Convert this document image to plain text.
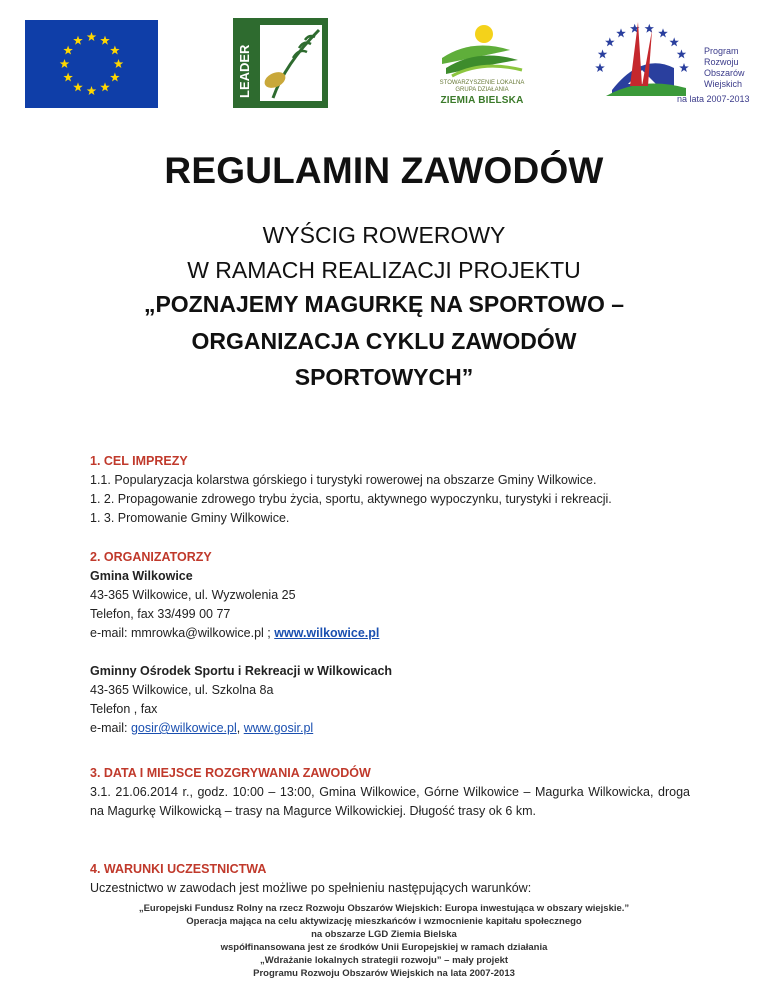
LEADER	STOWARZYSZENIE LOKALNA GRUPA DZIAŁANIA
ZIEMIA BIELSKA
Program
Rozwoju
Obszarów
Wiejskich
na lata 2007-2013
REGULAMIN ZAWODÓW
WYŚCIG ROWEROWY
W RAMACH REALIZACJI PROJEKTU
„POZNAJEMY MAGURKĘ NA SPORTOWO –
ORGANIZACJA CYKLU ZAWODÓW
SPORTOWYCH”
1. CEL IMPREZY
1.1. Popularyzacja kolarstwa górskiego i turystyki rowerowej na obszarze Gminy Wilkowice.
1. 2. Propagowanie zdrowego trybu życia, sportu, aktywnego wypoczynku, turystyki i rekreacji.
1. 3. Promowanie Gminy Wilkowice.
2. ORGANIZATORZY
Gmina Wilkowice
43-365 Wilkowice, ul. Wyzwolenia 25
Telefon, fax 33/499 00 77
e-mail: mmrowka@wilkowice.pl ; www.wilkowice.pl
Gminny Ośrodek Sportu i Rekreacji w Wilkowicach
43-365 Wilkowice, ul. Szkolna 8a
Telefon , fax
e-mail: gosir@wilkowice.pl, www.gosir.pl
3. DATA I MIEJSCE ROZGRYWANIA ZAWODÓW
3.1. 21.06.2014 r., godz. 10:00 – 13:00, Gmina Wilkowice, Górne Wilkowice – Magurka Wilkowicka, droga na Magurkę Wilkowicką – trasy na Magurce Wilkowickiej. Długość trasy ok 6 km.
4. WARUNKI UCZESTNICTWA
Uczestnictwo w zawodach jest możliwe po spełnieniu następujących warunków:
„Europejski Fundusz Rolny na rzecz Rozwoju Obszarów Wiejskich: Europa inwestująca w obszary wiejskie.”
Operacja mająca na celu aktywizację mieszkańców i wzmocnienie kapitału społecznego
na obszarze LGD Ziemia Bielska
współfinansowana jest ze środków Unii Europejskiej w ramach działania
„Wdrażanie lokalnych strategii rozwoju” – mały projekt
Programu Rozwoju Obszarów Wiejskich na lata 2007-2013
